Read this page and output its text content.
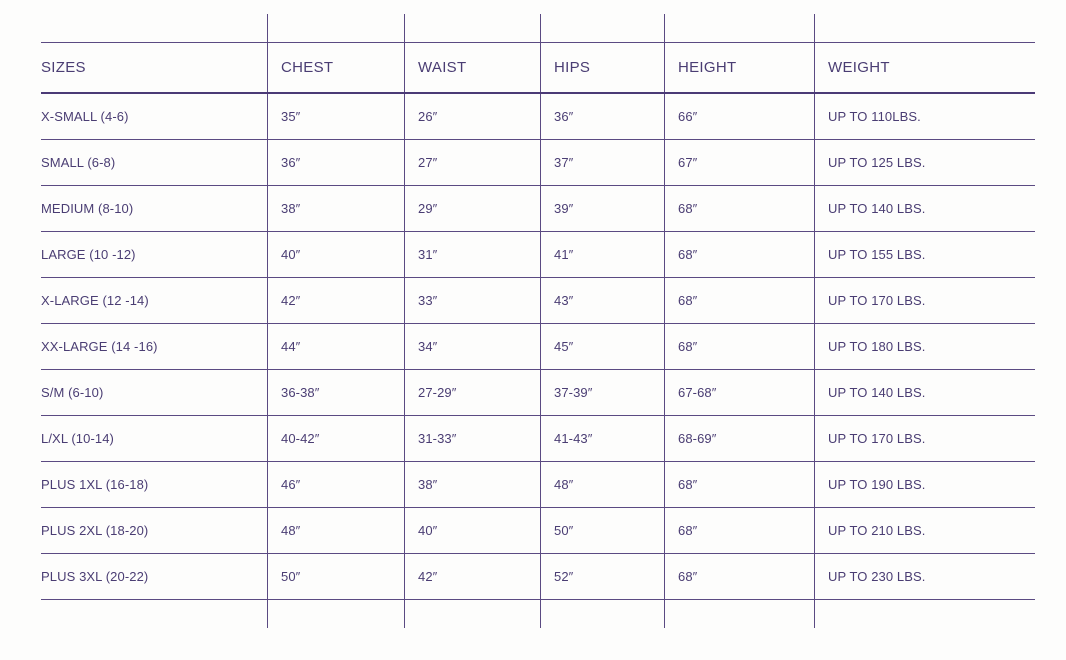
SIZES	CHEST	WAIST	HIPS	HEIGHT	WEIGHT
X-SMALL (4-6)	35″	26″	36″	66″	UP TO 110LBS.
SMALL (6-8)	36″	27″	37″	67″	UP TO 125 LBS.
MEDIUM (8-10)	38″	29″	39″	68″	UP TO 140 LBS.
LARGE (10 -12)	40″	31″	41″	68″	UP TO 155 LBS.
X-LARGE (12 -14)	42″	33″	43″	68″	UP TO 170 LBS.
XX-LARGE (14 -16)	44″	34″	45″	68″	UP TO 180 LBS.
S/M (6-10)	36-38″	27-29″	37-39″	67-68″	UP TO 140 LBS.
L/XL (10-14)	40-42″	31-33″	41-43″	68-69″	UP TO 170 LBS.
PLUS 1XL (16-18)	46″	38″	48″	68″	UP TO 190 LBS.
PLUS 2XL (18-20)	48″	40″	50″	68″	UP TO 210 LBS.
PLUS 3XL (20-22)	50″	42″	52″	68″	UP TO 230 LBS.
